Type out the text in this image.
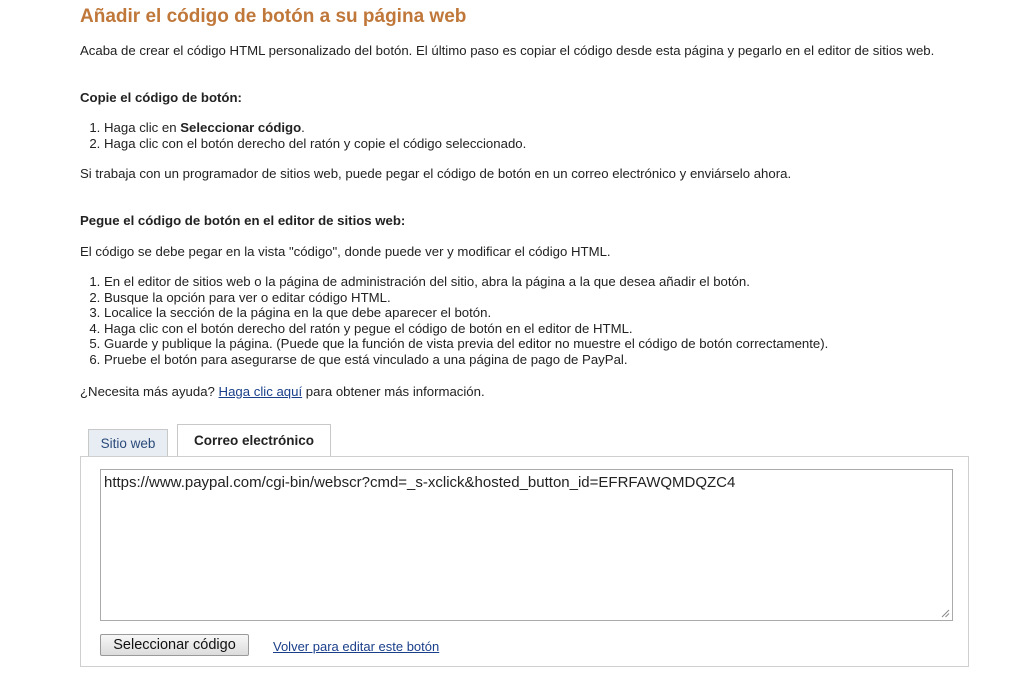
Añadir el código de botón a su página web

Acaba de crear el código HTML personalizado del botón. El último paso es copiar el código desde esta página y pegarlo en el editor de sitios web.

Copie el código de botón:

1. Haga clic en Seleccionar código.
2. Haga clic con el botón derecho del ratón y copie el código seleccionado.

Si trabaja con un programador de sitios web, puede pegar el código de botón en un correo electrónico y enviárselo ahora.

Pegue el código de botón en el editor de sitios web:

El código se debe pegar en la vista "código", donde puede ver y modificar el código HTML.

1. En el editor de sitios web o la página de administración del sitio, abra la página a la que desea añadir el botón.
2. Busque la opción para ver o editar código HTML.
3. Localice la sección de la página en la que debe aparecer el botón.
4. Haga clic con el botón derecho del ratón y pegue el código de botón en el editor de HTML.
5. Guarde y publique la página. (Puede que la función de vista previa del editor no muestre el código de botón correctamente).
6. Pruebe el botón para asegurarse de que está vinculado a una página de pago de PayPal.

¿Necesita más ayuda? Haga clic aquí para obtener más información.

Sitio web	Correo electrónico
https://www.paypal.com/cgi-bin/webscr?cmd=_s-xclick&hosted_button_id=EFRFAWQMDQZC4
Seleccionar código	Volver para editar este botón
